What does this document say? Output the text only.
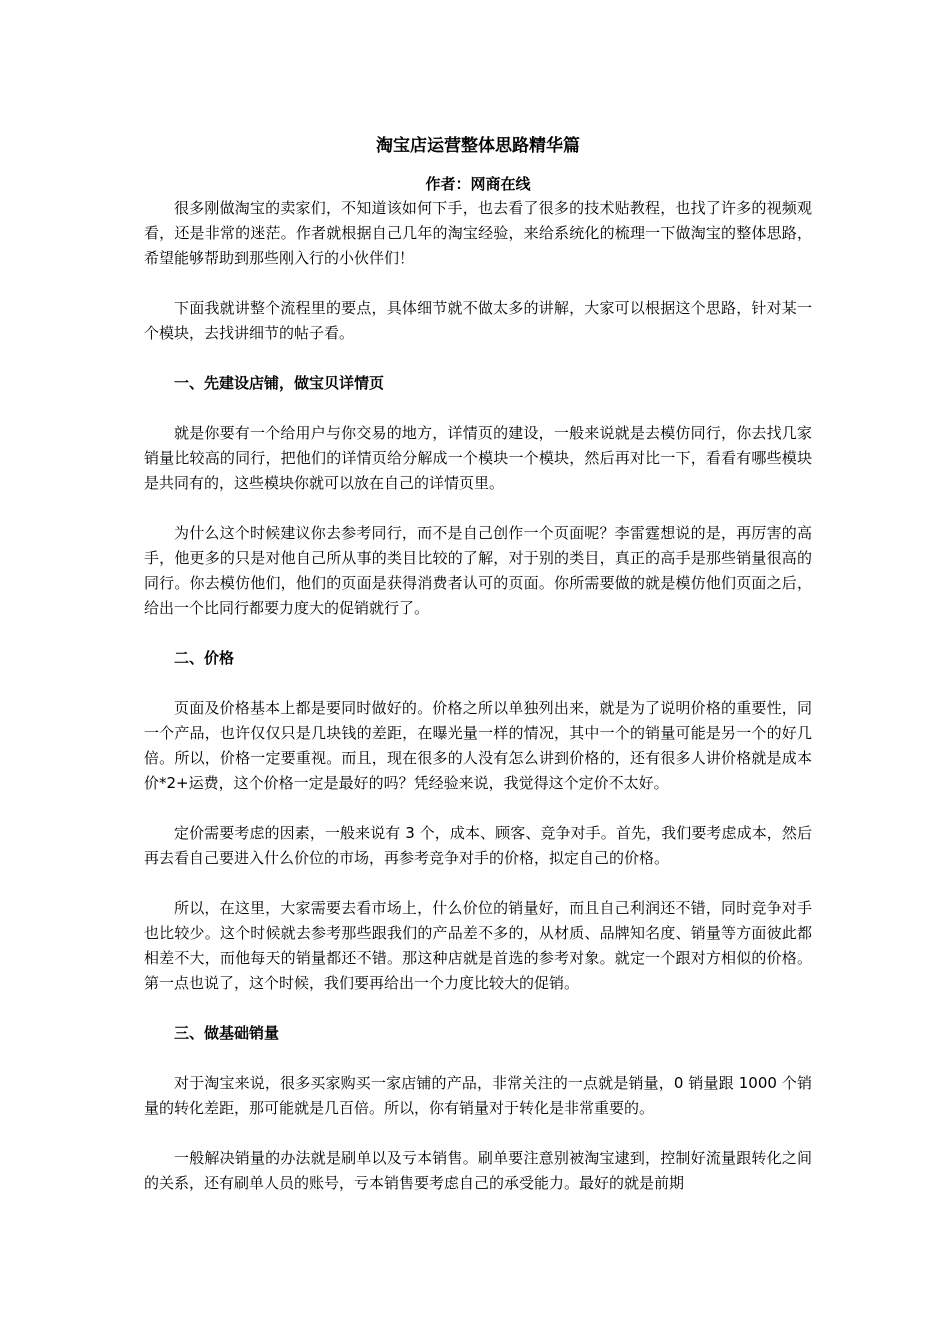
淘宝店运营整体思路精华篇
作者：网商在线

很多刚做淘宝的卖家们，不知道该如何下手，也去看了很多的技术贴教程，也找了许多的视频观看，还是非常的迷茫。作者就根据自己几年的淘宝经验，来给系统化的梳理一下做淘宝的整体思路，希望能够帮助到那些刚入行的小伙伴们！

下面我就讲整个流程里的要点，具体细节就不做太多的讲解，大家可以根据这个思路，针对某一个模块，去找讲细节的帖子看。

一、先建设店铺，做宝贝详情页

就是你要有一个给用户与你交易的地方，详情页的建设，一般来说就是去模仿同行，你去找几家销量比较高的同行，把他们的详情页给分解成一个模块一个模块，然后再对比一下，看看有哪些模块是共同有的，这些模块你就可以放在自己的详情页里。

为什么这个时候建议你去参考同行，而不是自己创作一个页面呢？李雷霆想说的是，再厉害的高手，他更多的只是对他自己所从事的类目比较的了解，对于别的类目，真正的高手是那些销量很高的同行。你去模仿他们，他们的页面是获得消费者认可的页面。你所需要做的就是模仿他们页面之后，给出一个比同行都要力度大的促销就行了。

二、价格

页面及价格基本上都是要同时做好的。价格之所以单独列出来，就是为了说明价格的重要性，同一个产品，也许仅仅只是几块钱的差距，在曝光量一样的情况，其中一个的销量可能是另一个的好几倍。所以，价格一定要重视。而且，现在很多的人没有怎么讲到价格的，还有很多人讲价格就是成本价*2+运费，这个价格一定是最好的吗？凭经验来说，我觉得这个定价不太好。

定价需要考虑的因素，一般来说有 3 个，成本、顾客、竞争对手。首先，我们要考虑成本，然后再去看自己要进入什么价位的市场，再参考竞争对手的价格，拟定自己的价格。

所以，在这里，大家需要去看市场上，什么价位的销量好，而且自己利润还不错，同时竞争对手也比较少。这个时候就去参考那些跟我们的产品差不多的，从材质、品牌知名度、销量等方面彼此都相差不大，而他每天的销量都还不错。那这种店就是首选的参考对象。就定一个跟对方相似的价格。第一点也说了，这个时候，我们要再给出一个力度比较大的促销。

三、做基础销量

对于淘宝来说，很多买家购买一家店铺的产品，非常关注的一点就是销量，0 销量跟 1000 个销量的转化差距，那可能就是几百倍。所以，你有销量对于转化是非常重要的。

一般解决销量的办法就是刷单以及亏本销售。刷单要注意别被淘宝逮到，控制好流量跟转化之间的关系，还有刷单人员的账号，亏本销售要考虑自己的承受能力。最好的就是前期
